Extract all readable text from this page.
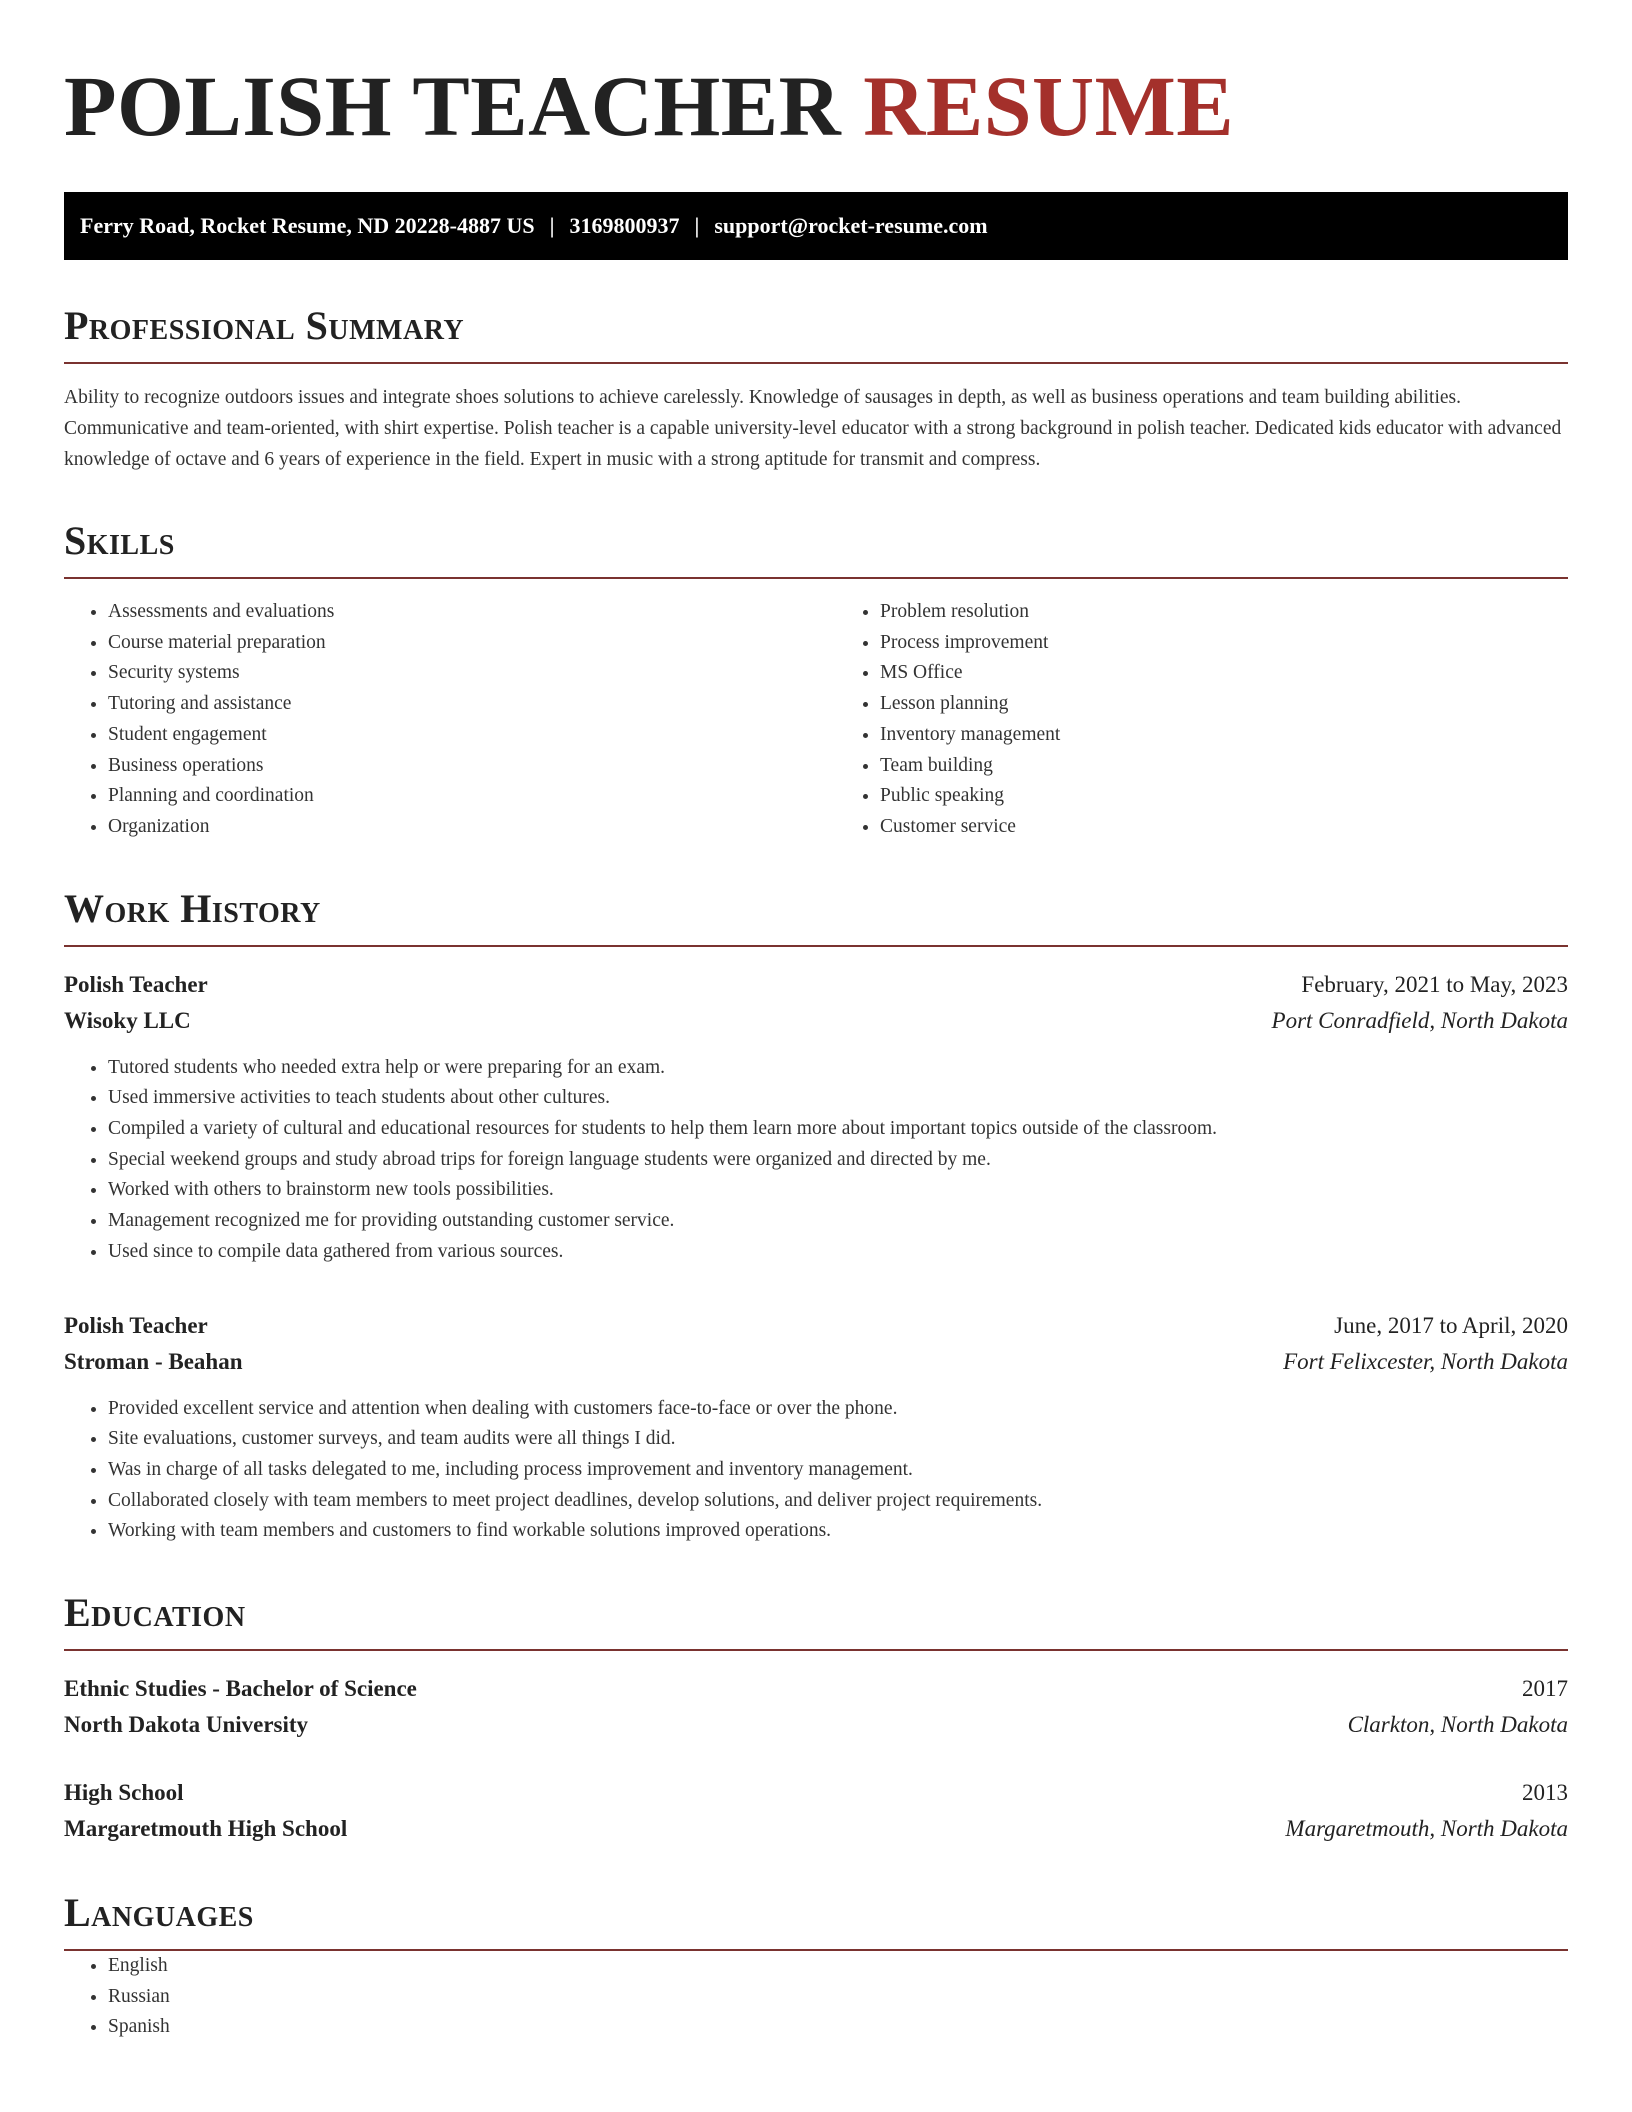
POLISH TEACHER RESUME
Ferry Road, Rocket Resume, ND 20228-4887 US | 3169800937 | support@rocket-resume.com
Professional Summary

Ability to recognize outdoors issues and integrate shoes solutions to achieve carelessly. Knowledge of sausages in depth, as well as business operations and team building abilities. Communicative and team-oriented, with shirt expertise. Polish teacher is a capable university-level educator with a strong background in polish teacher. Dedicated kids educator with advanced knowledge of octave and 6 years of experience in the field. Expert in music with a strong aptitude for transmit and compress.

Skills
• Assessments and evaluations
• Course material preparation
• Security systems
• Tutoring and assistance
• Student engagement
• Business operations
• Planning and coordination
• Organization
• Problem resolution
• Process improvement
• MS Office
• Lesson planning
• Inventory management
• Team building
• Public speaking
• Customer service
Work History
Polish Teacher	February, 2021 to May, 2023
Wisoky LLC	Port Conradfield, North Dakota
• Tutored students who needed extra help or were preparing for an exam.
• Used immersive activities to teach students about other cultures.
• Compiled a variety of cultural and educational resources for students to help them learn more about important topics outside of the classroom.
• Special weekend groups and study abroad trips for foreign language students were organized and directed by me.
• Worked with others to brainstorm new tools possibilities.
• Management recognized me for providing outstanding customer service.
• Used since to compile data gathered from various sources.
Polish Teacher	June, 2017 to April, 2020
Stroman - Beahan	Fort Felixcester, North Dakota
• Provided excellent service and attention when dealing with customers face-to-face or over the phone.
• Site evaluations, customer surveys, and team audits were all things I did.
• Was in charge of all tasks delegated to me, including process improvement and inventory management.
• Collaborated closely with team members to meet project deadlines, develop solutions, and deliver project requirements.
• Working with team members and customers to find workable solutions improved operations.
Education
Ethnic Studies - Bachelor of Science	2017
North Dakota University	Clarkton, North Dakota
High School	2013
Margaretmouth High School	Margaretmouth, North Dakota
Languages
• English
• Russian
• Spanish
